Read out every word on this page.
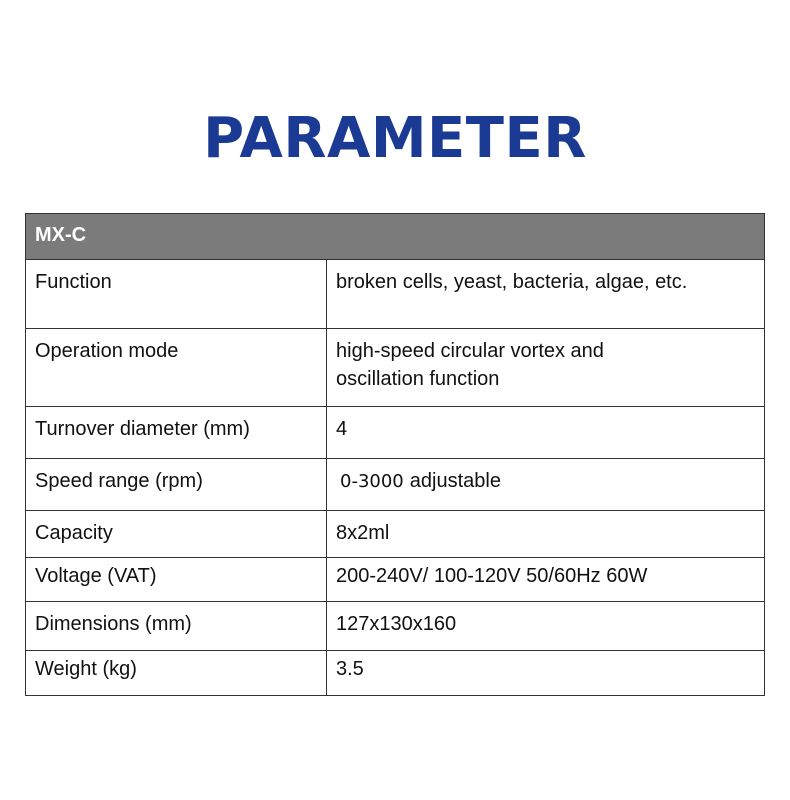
PARAMETER
MX-C	
Function	broken cells, yeast, bacteria, algae, etc.
Operation mode	high-speed circular vortex and
oscillation function

Turnover diameter (mm)	4
Speed range (rpm)	0-3000 adjustable
Capacity	8x2ml
Voltage (VAT)	200-240V/ 100-120V 50/60Hz 60W
Dimensions (mm)	127x130x160
Weight (kg)	3.5
